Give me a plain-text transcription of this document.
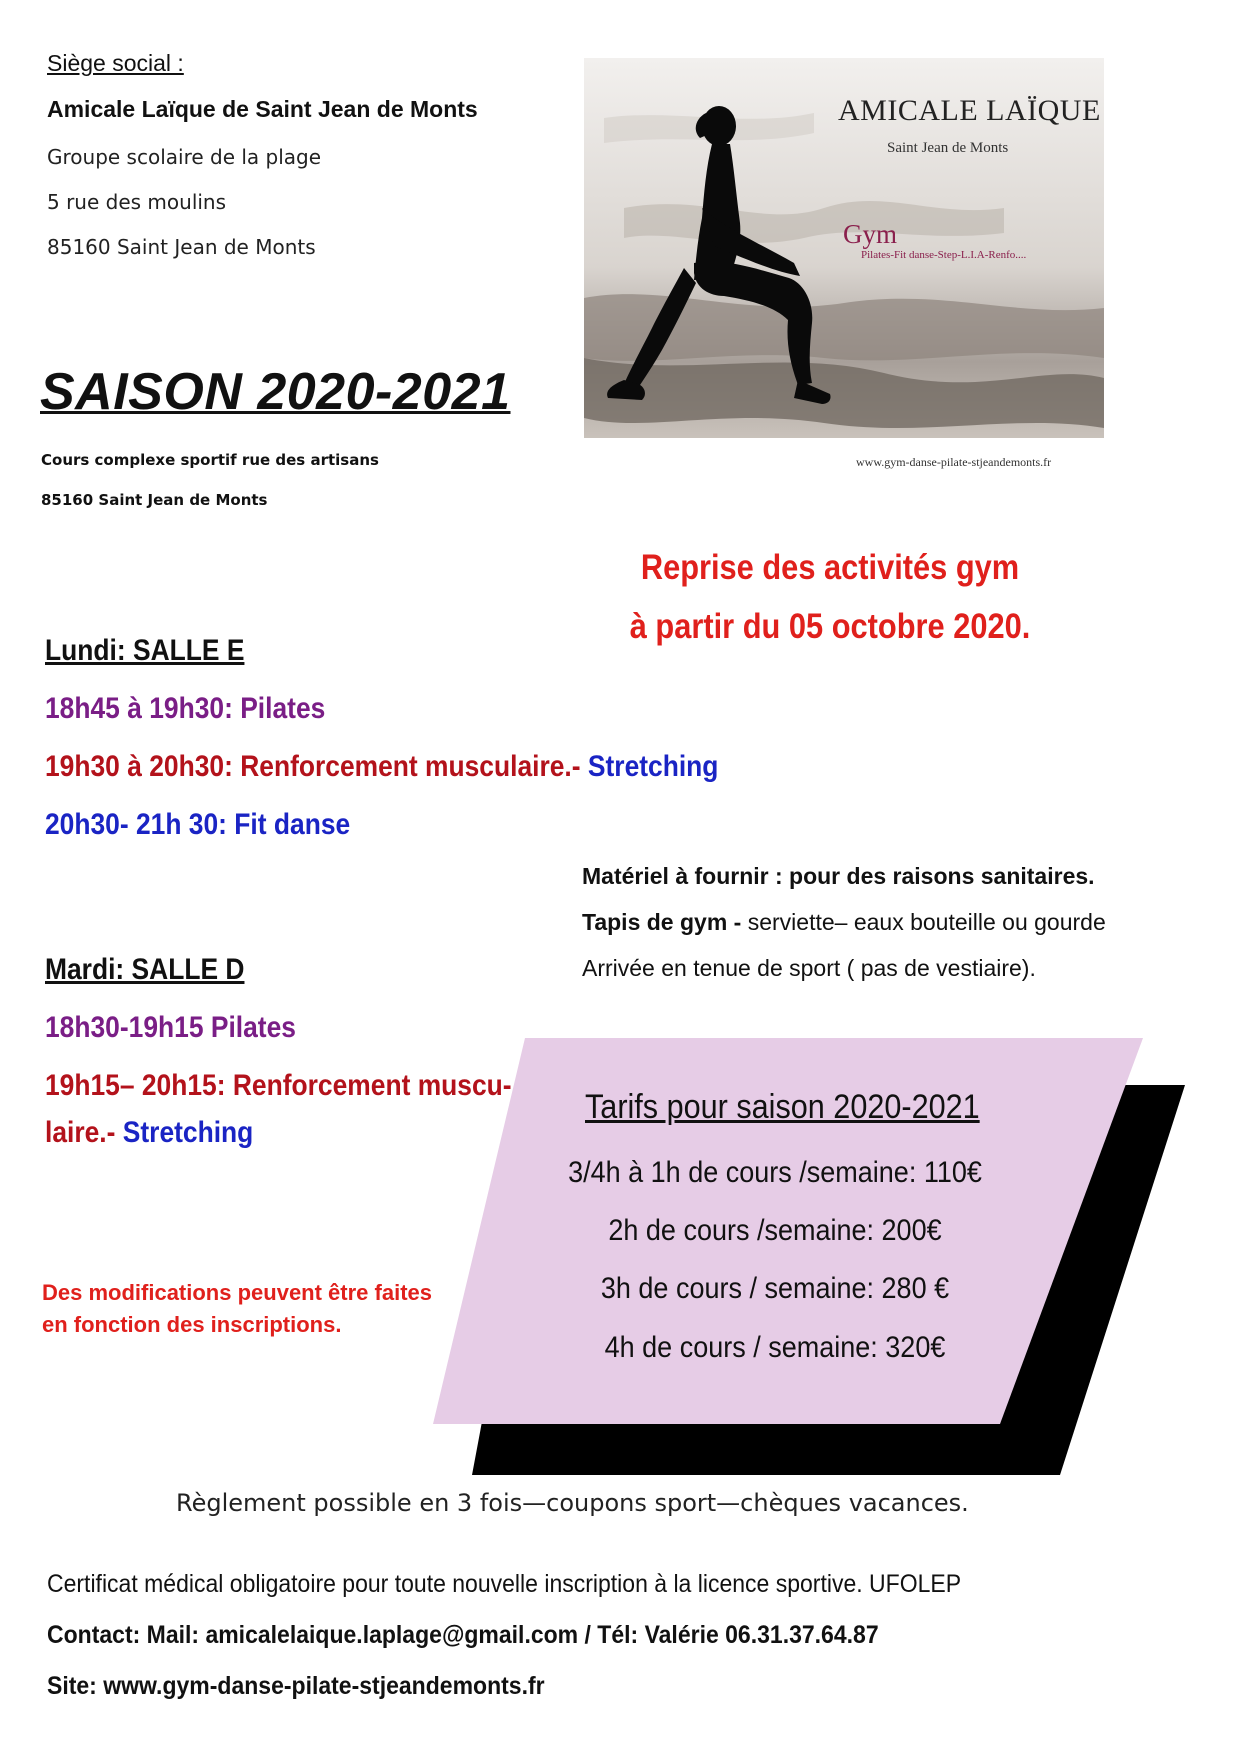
Siège social :
Amicale Laïque de Saint Jean de Monts
Groupe scolaire de la plage
5 rue des moulins
85160 Saint Jean de Monts
AMICALE LAÏQUE
Saint Jean de Monts
Gym
Pilates-Fit danse-Step-L.I.A-Renfo....
www.gym-danse-pilate-stjeandemonts.fr
SAISON 2020-2021
Cours complexe sportif rue des artisans
85160 Saint Jean de Monts
Reprise des activités gym
à partir du 05 octobre 2020.
Lundi: SALLE E
18h45 à 19h30: Pilates
19h30 à 20h30: Renforcement musculaire.- Stretching
20h30- 21h 30: Fit danse
Matériel à fournir : pour des raisons sanitaires.
Tapis de gym - serviette– eaux bouteille ou gourde
Arrivée en tenue de sport ( pas de vestiaire).
Mardi: SALLE D
18h30-19h15 Pilates
19h15– 20h15: Renforcement muscu-
laire.- Stretching
Des modifications peuvent être faites
en fonction des inscriptions.
Tarifs pour saison 2020-2021
3/4h à 1h de cours /semaine: 110€
2h de cours /semaine: 200€
3h de cours / semaine: 280 €
4h de cours / semaine: 320€
Règlement possible en 3 fois—coupons sport—chèques vacances.
Certificat médical obligatoire pour toute nouvelle inscription à la licence sportive. UFOLEP
Contact: Mail: amicalelaique.laplage@gmail.com / Tél: Valérie 06.31.37.64.87
Site: www.gym-danse-pilate-stjeandemonts.fr
